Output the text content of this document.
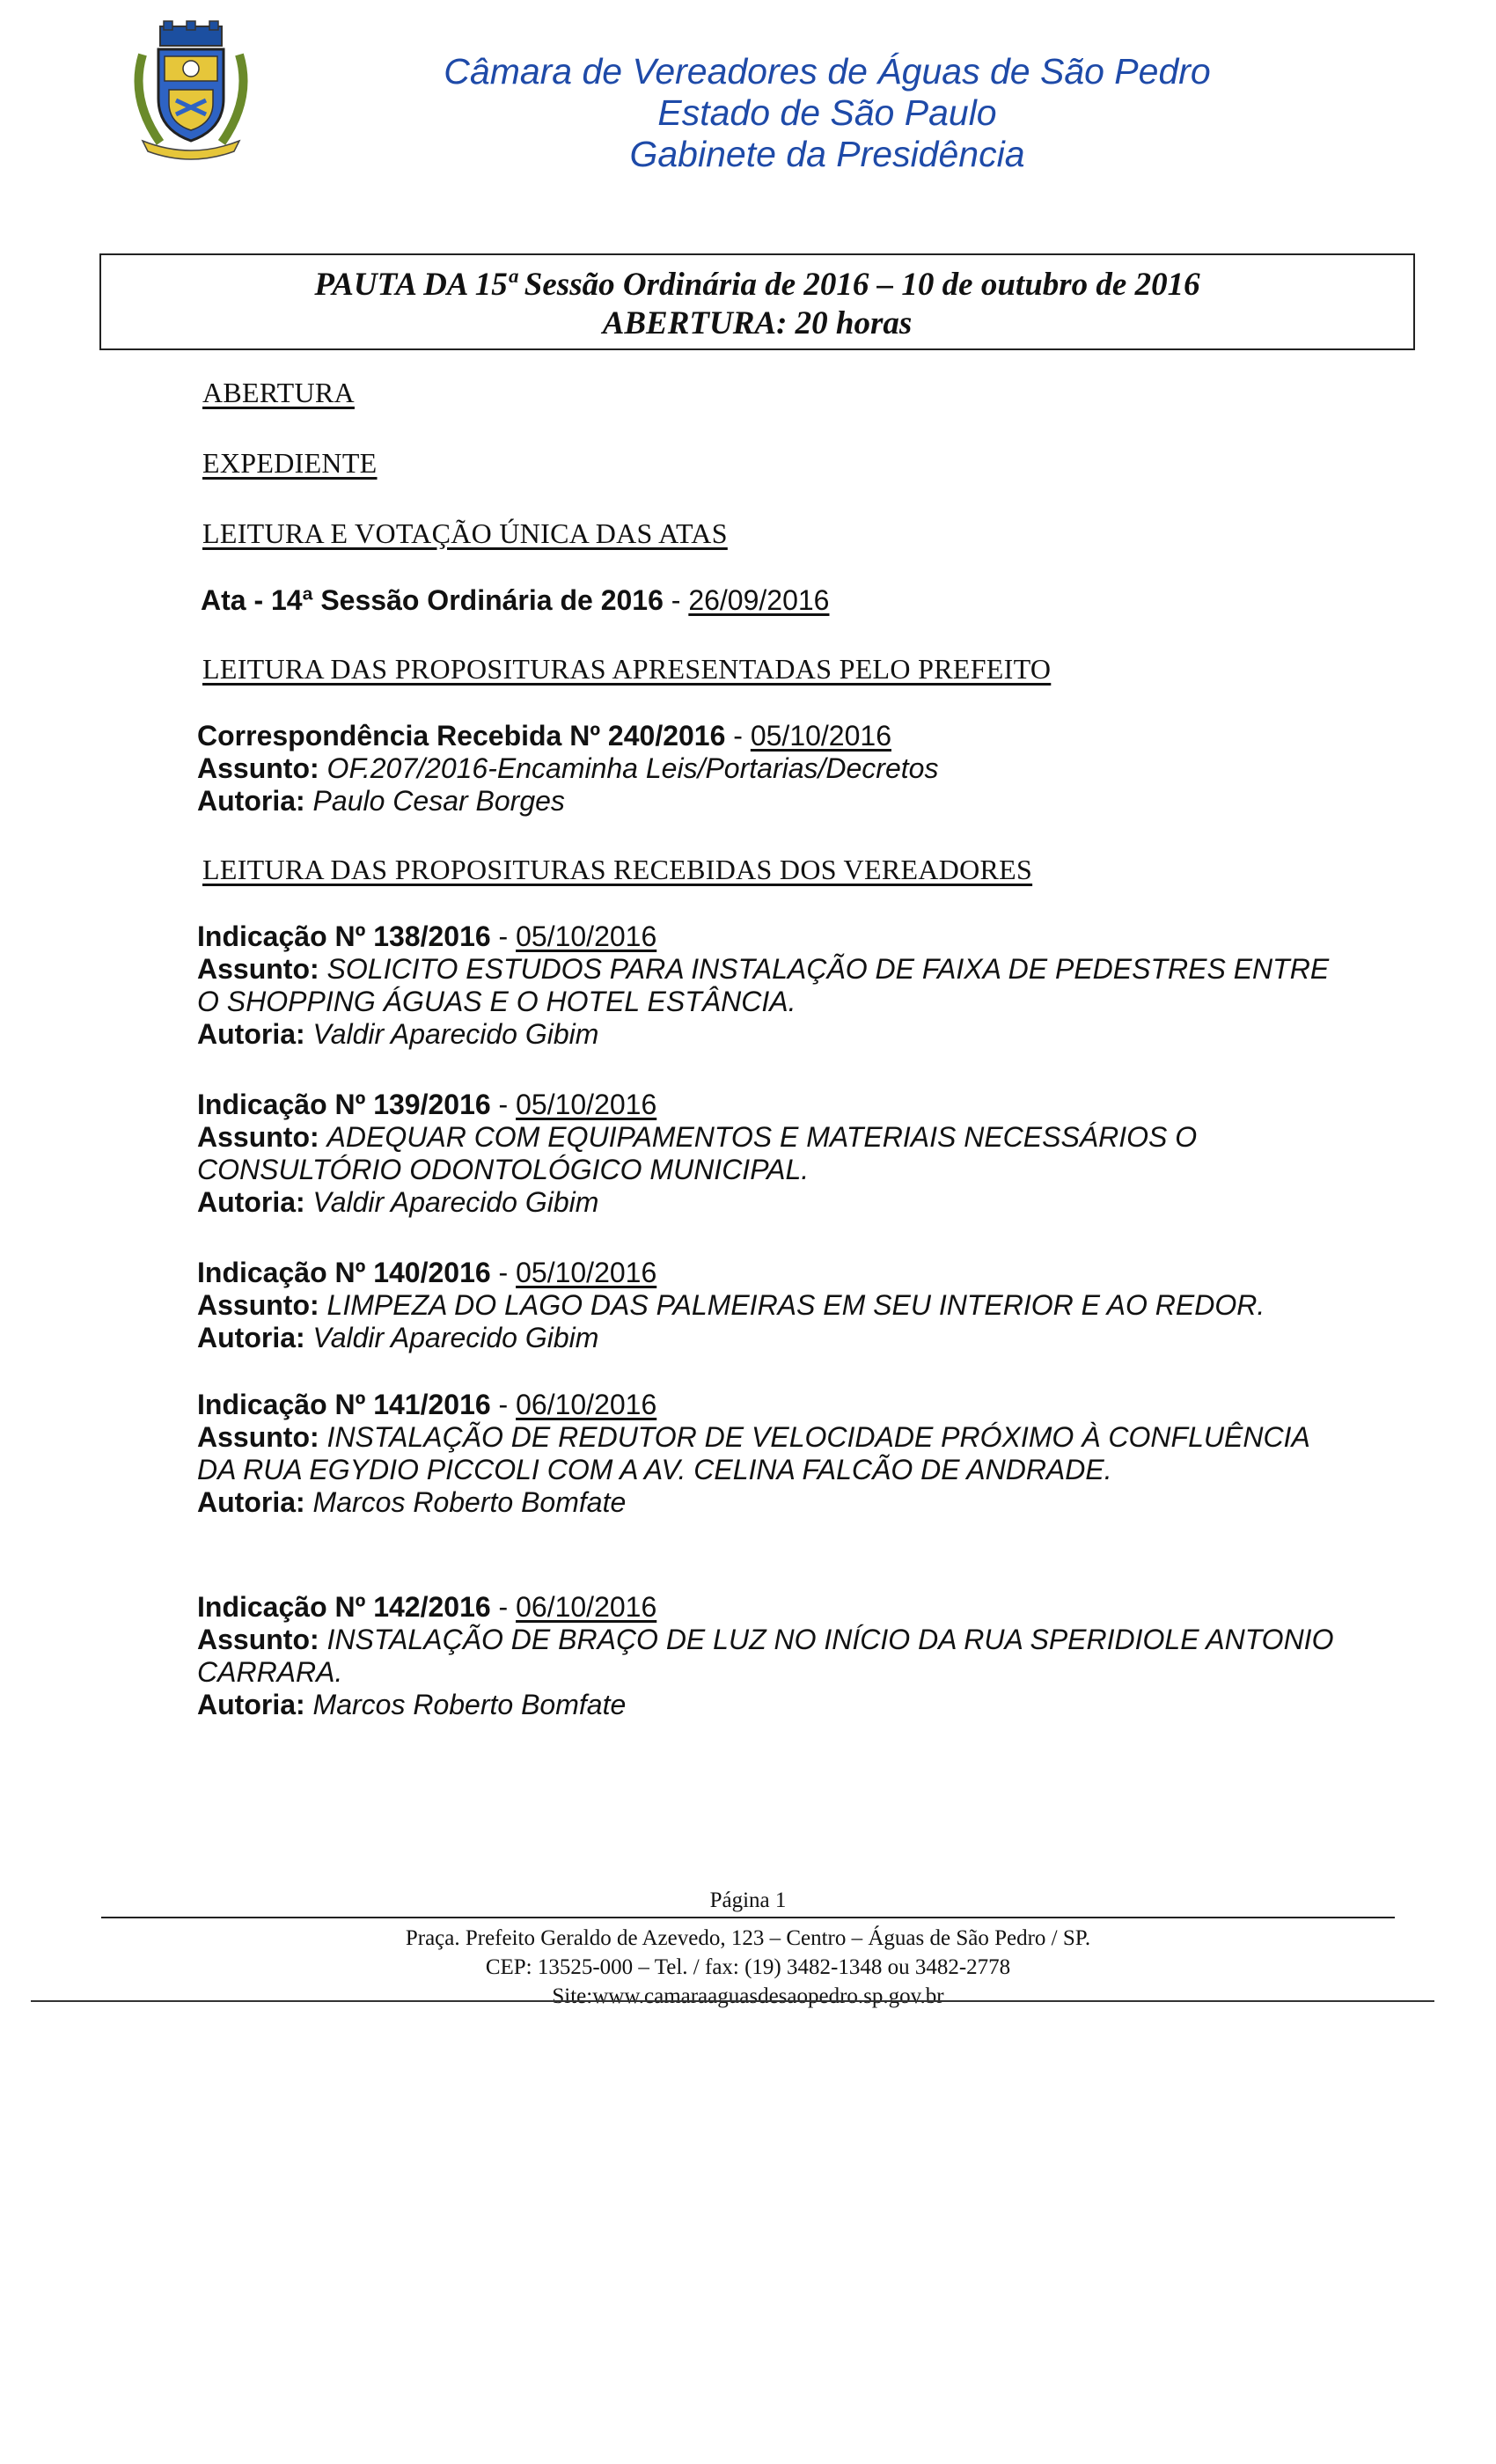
Câmara de Vereadores de Águas de São Pedro
Estado de São Paulo
Gabinete da Presidência
PAUTA DA 15ª Sessão Ordinária de 2016 – 10 de outubro de 2016
ABERTURA: 20 horas
ABERTURA
EXPEDIENTE
LEITURA E VOTAÇÃO ÚNICA DAS ATAS
Ata - 14ª Sessão Ordinária de 2016 - 26/09/2016
LEITURA DAS PROPOSITURAS APRESENTADAS PELO PREFEITO
Correspondência Recebida Nº 240/2016 - 05/10/2016
Assunto: OF.207/2016-Encaminha Leis/Portarias/Decretos
Autoria: Paulo Cesar Borges
LEITURA DAS PROPOSITURAS RECEBIDAS DOS VEREADORES
Indicação Nº 138/2016 - 05/10/2016
Assunto: SOLICITO ESTUDOS PARA INSTALAÇÃO DE FAIXA DE PEDESTRES ENTRE
O SHOPPING ÁGUAS E O HOTEL ESTÂNCIA.
Autoria: Valdir Aparecido Gibim
Indicação Nº 139/2016 - 05/10/2016
Assunto: ADEQUAR COM EQUIPAMENTOS E MATERIAIS NECESSÁRIOS O
CONSULTÓRIO ODONTOLÓGICO MUNICIPAL.
Autoria: Valdir Aparecido Gibim
Indicação Nº 140/2016 - 05/10/2016
Assunto: LIMPEZA DO LAGO DAS PALMEIRAS EM SEU INTERIOR E AO REDOR.
Autoria: Valdir Aparecido Gibim
Indicação Nº 141/2016 - 06/10/2016
Assunto: INSTALAÇÃO DE REDUTOR DE VELOCIDADE PRÓXIMO À CONFLUÊNCIA
DA RUA EGYDIO PICCOLI COM A AV. CELINA FALCÃO DE ANDRADE.
Autoria: Marcos Roberto Bomfate
Indicação Nº 142/2016 - 06/10/2016
Assunto: INSTALAÇÃO DE BRAÇO DE LUZ NO INÍCIO DA RUA SPERIDIOLE ANTONIO
CARRARA.
Autoria: Marcos Roberto Bomfate
Página 1
Praça. Prefeito Geraldo de Azevedo, 123 – Centro – Águas de São Pedro / SP.
CEP: 13525-000 – Tel. / fax: (19) 3482-1348 ou 3482-2778
Site:www.camaraaguasdesaopedro.sp.gov.br
